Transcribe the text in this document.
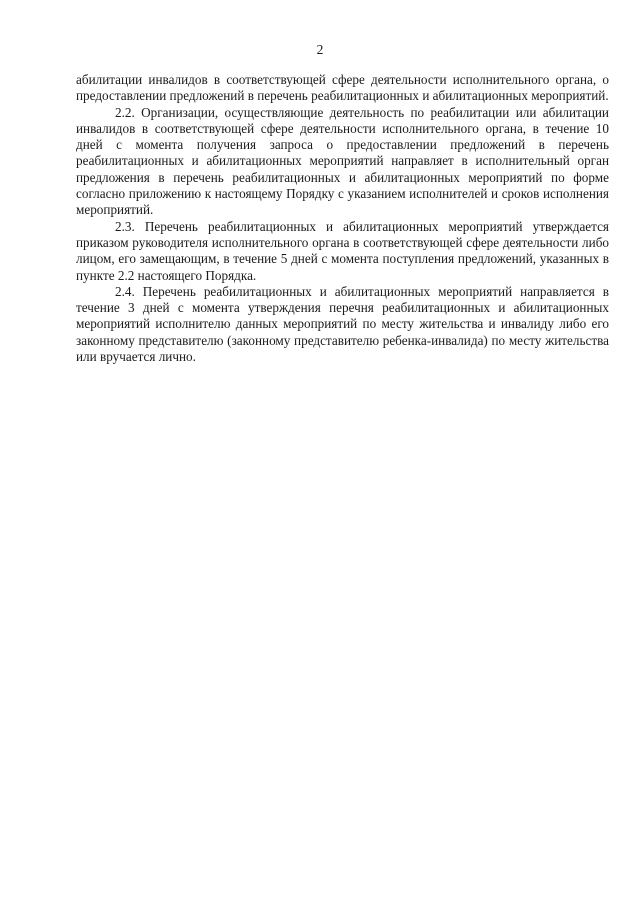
2

абилитации инвалидов в соответствующей сфере деятельности исполнительного органа, о предоставлении предложений в перечень реабилитационных и абилитационных мероприятий.

2.2. Организации, осуществляющие деятельность по реабилитации или абилитации инвалидов в соответствующей сфере деятельности исполнительного органа, в течение 10 дней с момента получения запроса о предоставлении предложений в перечень реабилитационных и абилитационных мероприятий направляет в исполнительный орган предложения в перечень реабилитационных и абилитационных мероприятий по форме согласно приложению к настоящему Порядку с указанием исполнителей и сроков исполнения мероприятий.

2.3. Перечень реабилитационных и абилитационных мероприятий утверждается приказом руководителя исполнительного органа в соответствующей сфере деятельности либо лицом, его замещающим, в течение 5 дней с момента поступления предложений, указанных в пункте 2.2 настоящего Порядка.

2.4. Перечень реабилитационных и абилитационных мероприятий направляется в течение 3 дней с момента утверждения перечня реабилитационных и абилитационных мероприятий исполнителю данных мероприятий по месту жительства и инвалиду либо его законному представителю (законному представителю ребенка-инвалида) по месту жительства или вручается лично.
